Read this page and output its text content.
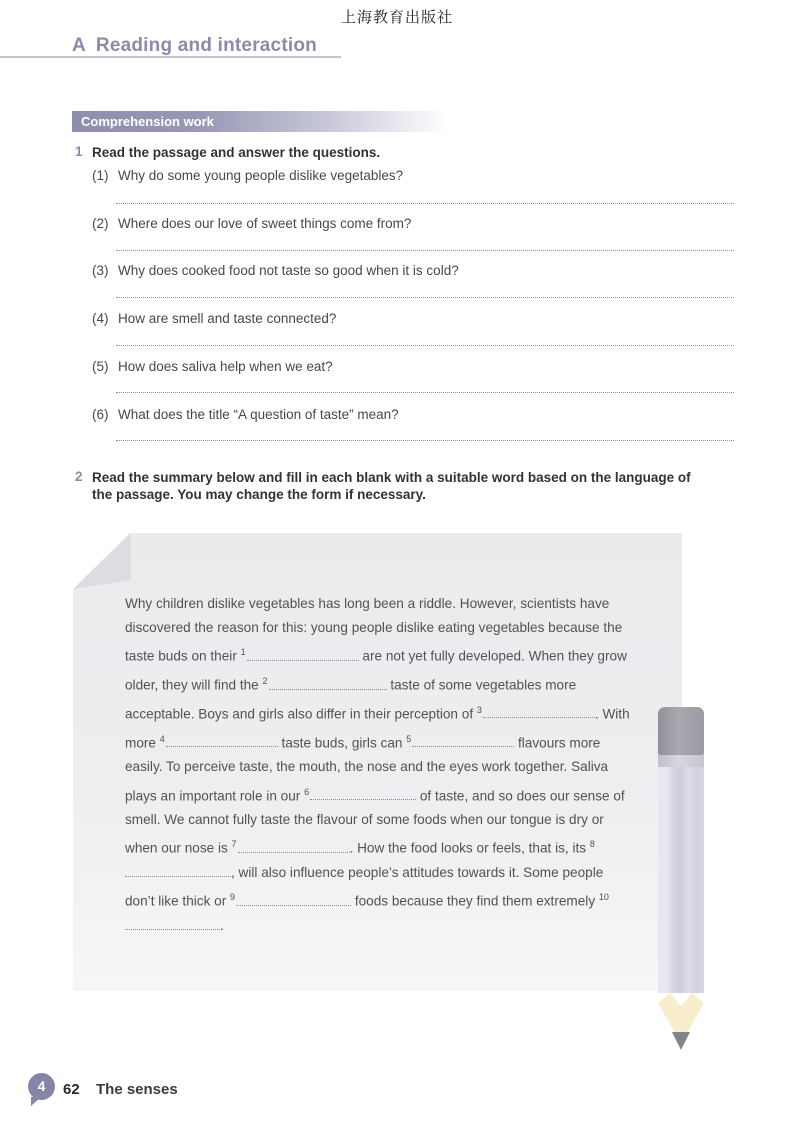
上海教育出版社
A Reading and interaction
Comprehension work
1 Read the passage and answer the questions.
(1) Why do some young people dislike vegetables?
(2) Where does our love of sweet things come from?
(3) Why does cooked food not taste so good when it is cold?
(4) How are smell and taste connected?
(5) How does saliva help when we eat?
(6) What does the title “A question of taste” mean?
2 Read the summary below and fill in each blank with a suitable word based on the language of the passage. You may change the form if necessary.
Why children dislike vegetables has long been a riddle. However, scientists have discovered the reason for this: young people dislike eating vegetables because the taste buds on their $^1$	are not yet fully developed. When they grow older, they will find the $^2$	taste of some vegetables more acceptable. Boys and girls also differ in their perception of $^3$	. With more $^4$	taste buds, girls can $^5$	flavours more easily. To perceive taste, the mouth, the nose and the eyes work together. Saliva plays an important role in our $^6$	of taste, and so does our sense of smell. We cannot fully taste the flavour of some foods when our tongue is dry or when our nose is $^7$	. How the food looks or feels, that is, its $^8$, will also influence people’s attitudes towards it. Some people don’t like thick or $^9$	foods because they find them extremely $^{10}$.
4	62 The senses
